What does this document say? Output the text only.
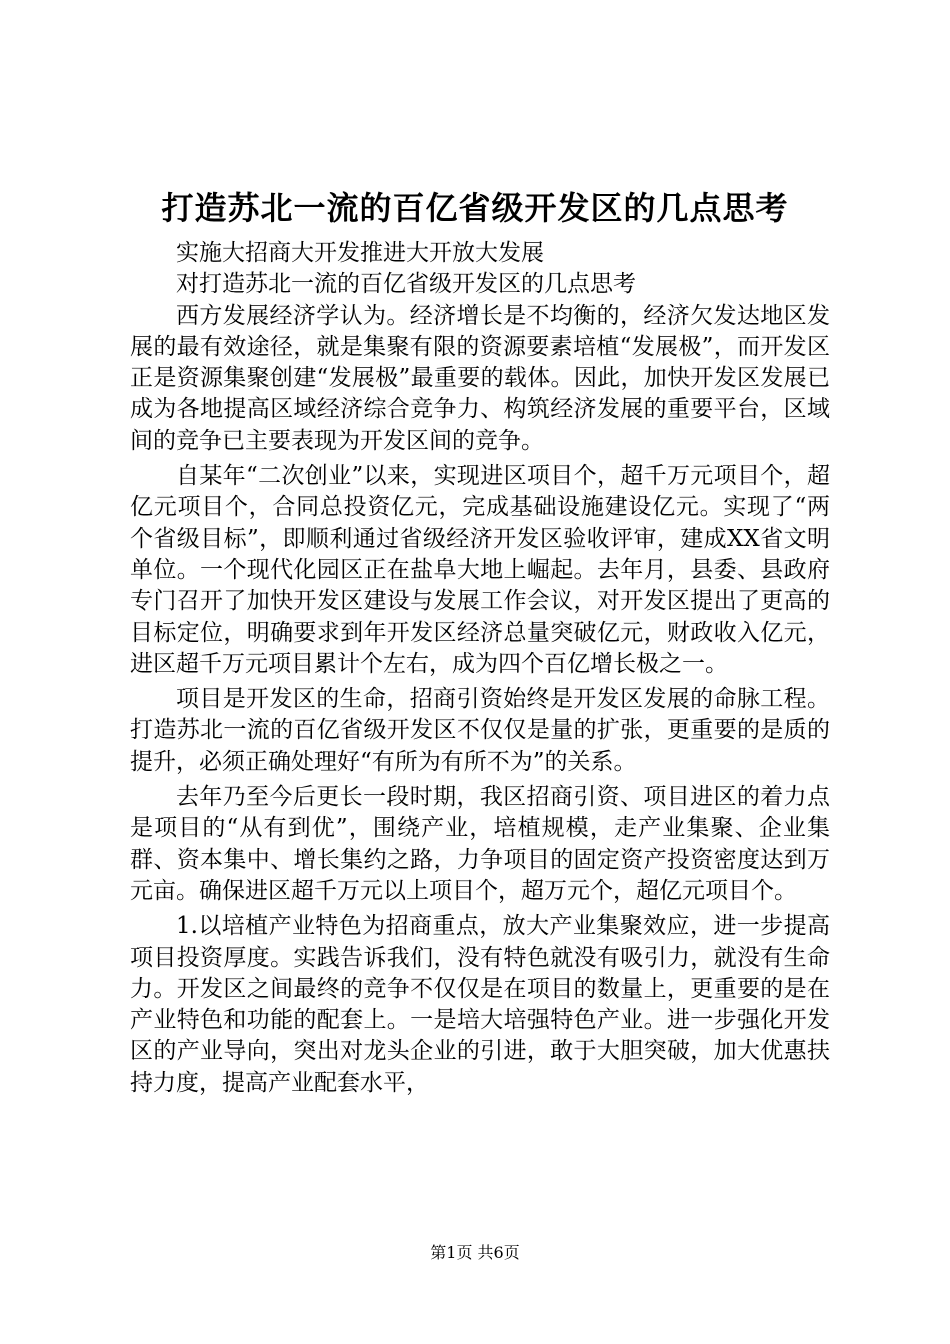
打造苏北一流的百亿省级开发区的几点思考

实施大招商大开发推进大开放大发展

对打造苏北一流的百亿省级开发区的几点思考

西方发展经济学认为。经济增长是不均衡的，经济欠发达地区发展的最有效途径，就是集聚有限的资源要素培植“发展极”，而开发区正是资源集聚创建“发展极”最重要的载体。因此，加快开发区发展已成为各地提高区域经济综合竞争力、构筑经济发展的重要平台，区域间的竞争已主要表现为开发区间的竞争。

自某年“二次创业”以来，实现进区项目个，超千万元项目个，超亿元项目个，合同总投资亿元，完成基础设施建设亿元。实现了“两个省级目标”，即顺利通过省级经济开发区验收评审，建成XX省文明单位。一个现代化园区正在盐阜大地上崛起。去年月，县委、县政府专门召开了加快开发区建设与发展工作会议，对开发区提出了更高的目标定位，明确要求到年开发区经济总量突破亿元，财政收入亿元，进区超千万元项目累计个左右，成为四个百亿增长极之一。

项目是开发区的生命，招商引资始终是开发区发展的命脉工程。打造苏北一流的百亿省级开发区不仅仅是量的扩张，更重要的是质的提升，必须正确处理好“有所为有所不为”的关系。

去年乃至今后更长一段时期，我区招商引资、项目进区的着力点是项目的“从有到优”，围绕产业，培植规模，走产业集聚、企业集群、资本集中、增长集约之路，力争项目的固定资产投资密度达到万元亩。确保进区超千万元以上项目个，超万元个，超亿元项目个。

1.以培植产业特色为招商重点，放大产业集聚效应，进一步提高项目投资厚度。实践告诉我们，没有特色就没有吸引力，就没有生命力。开发区之间最终的竞争不仅仅是在项目的数量上，更重要的是在产业特色和功能的配套上。一是培大培强特色产业。进一步强化开发区的产业导向，突出对龙头企业的引进，敢于大胆突破，加大优惠扶持力度，提高产业配套水平，

第1页 共6页
